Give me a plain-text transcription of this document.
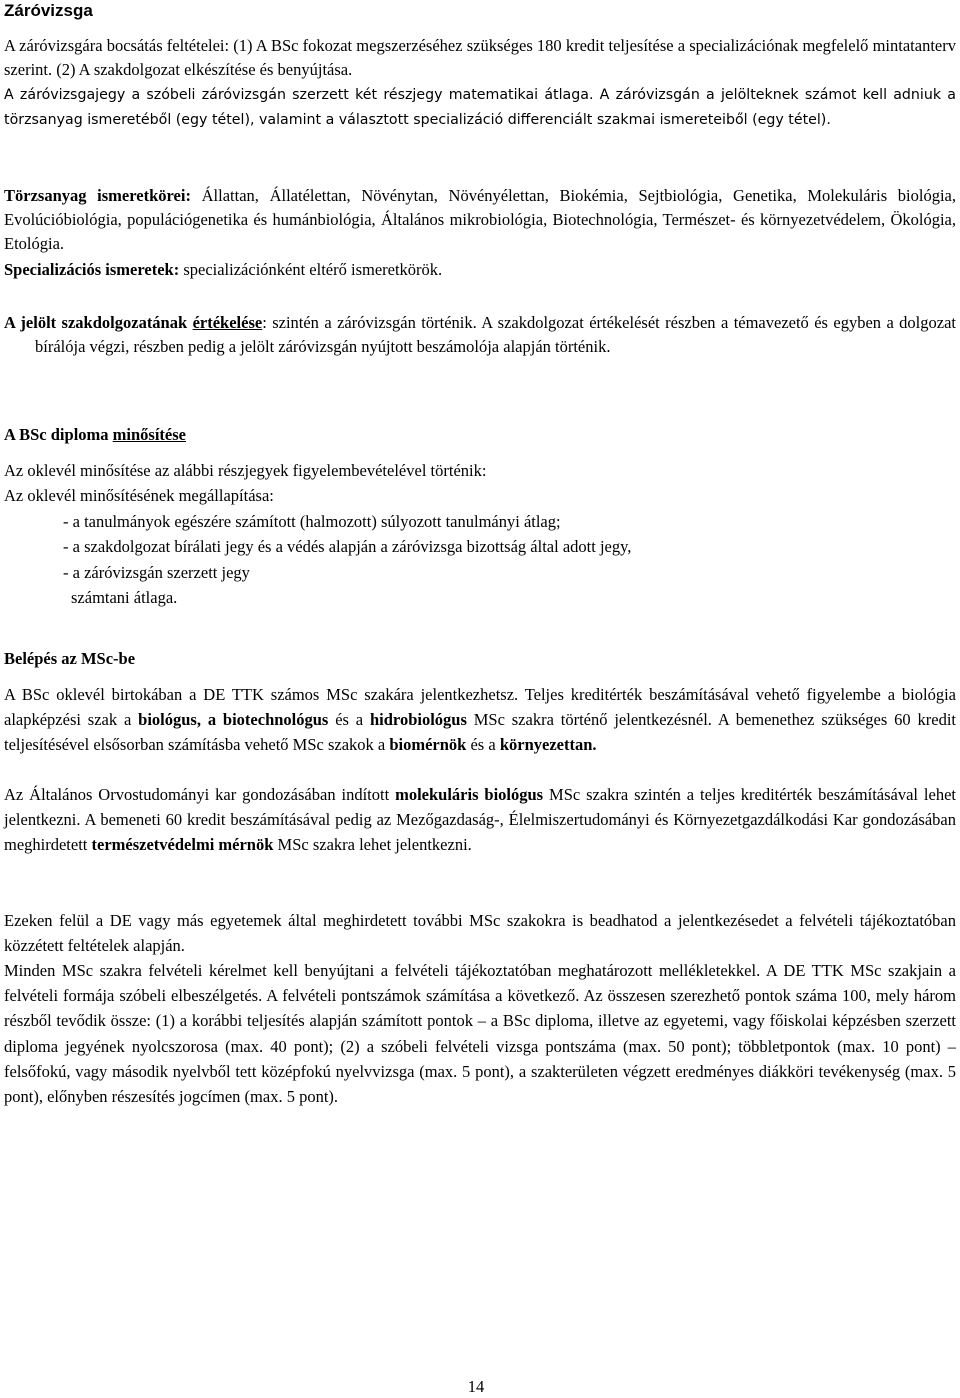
Záróvizsga

A záróvizsgára bocsátás feltételei: (1) A BSc fokozat megszerzéséhez szükséges 180 kredit teljesítése a specializációnak megfelelő mintatanterv szerint. (2) A szakdolgozat elkészítése és benyújtása.

A záróvizsgajegy a szóbeli záróvizsgán szerzett két részjegy matematikai átlaga. A záróvizsgán a jelölteknek számot kell adniuk a törzsanyag ismeretéből (egy tétel), valamint a választott specializáció differenciált szakmai ismereteiből (egy tétel).

Törzsanyag ismeretkörei: Állattan, Állatélettan, Növénytan, Növényélettan, Biokémia, Sejtbiológia, Genetika, Molekuláris biológia, Evolúcióbiológia, populációgenetika és humánbiológia, Általános mikrobiológia, Biotechnológia, Természet- és környezetvédelem, Ökológia, Etológia.

Specializációs ismeretek: specializációnként eltérő ismeretkörök.

A jelölt szakdolgozatának értékelése: szintén a záróvizsgán történik. A szakdolgozat értékelését részben a témavezető és egyben a dolgozat bírálója végzi, részben pedig a jelölt záróvizsgán nyújtott beszámolója alapján történik.

A BSc diploma minősítése

Az oklevél minősítése az alábbi részjegyek figyelembevételével történik:

Az oklevél minősítésének megállapítása:

- a tanulmányok egészére számított (halmozott) súlyozott tanulmányi átlag;

- a szakdolgozat bírálati jegy és a védés alapján a záróvizsga bizottság által adott jegy,

- a záróvizsgán szerzett jegy

számtani átlaga.

Belépés az MSc-be

A BSc oklevél birtokában a DE TTK számos MSc szakára jelentkezhetsz. Teljes kreditérték beszámításával vehető figyelembe a biológia alapképzési szak a biológus, a biotechnológus és a hidrobiológus MSc szakra történő jelentkezésnél. A bemenethez szükséges 60 kredit teljesítésével elsősorban számításba vehető MSc szakok a biomérnök és a környezettan.

Az Általános Orvostudományi kar gondozásában indított molekuláris biológus MSc szakra szintén a teljes kreditérték beszámításával lehet jelentkezni. A bemeneti 60 kredit beszámításával pedig az Mezőgazdaság-, Élelmiszertudományi és Környezetgazdálkodási Kar gondozásában meghirdetett természetvédelmi mérnök MSc szakra lehet jelentkezni.

Ezeken felül a DE vagy más egyetemek által meghirdetett további MSc szakokra is beadhatod a jelentkezésedet a felvételi tájékoztatóban közzétett feltételek alapján.

Minden MSc szakra felvételi kérelmet kell benyújtani a felvételi tájékoztatóban meghatározott mellékletekkel. A DE TTK MSc szakjain a felvételi formája szóbeli elbeszélgetés. A felvételi pontszámok számítása a következő. Az összesen szerezhető pontok száma 100, mely három részből tevődik össze: (1) a korábbi teljesítés alapján számított pontok – a BSc diploma, illetve az egyetemi, vagy főiskolai képzésben szerzett diploma jegyének nyolcszorosa (max. 40 pont); (2) a szóbeli felvételi vizsga pontszáma (max. 50 pont); többletpontok (max. 10 pont) – felsőfokú, vagy második nyelvből tett középfokú nyelvvizsga (max. 5 pont), a szakterületen végzett eredményes diákköri tevékenység (max. 5 pont), előnyben részesítés jogcímen (max. 5 pont).

14
